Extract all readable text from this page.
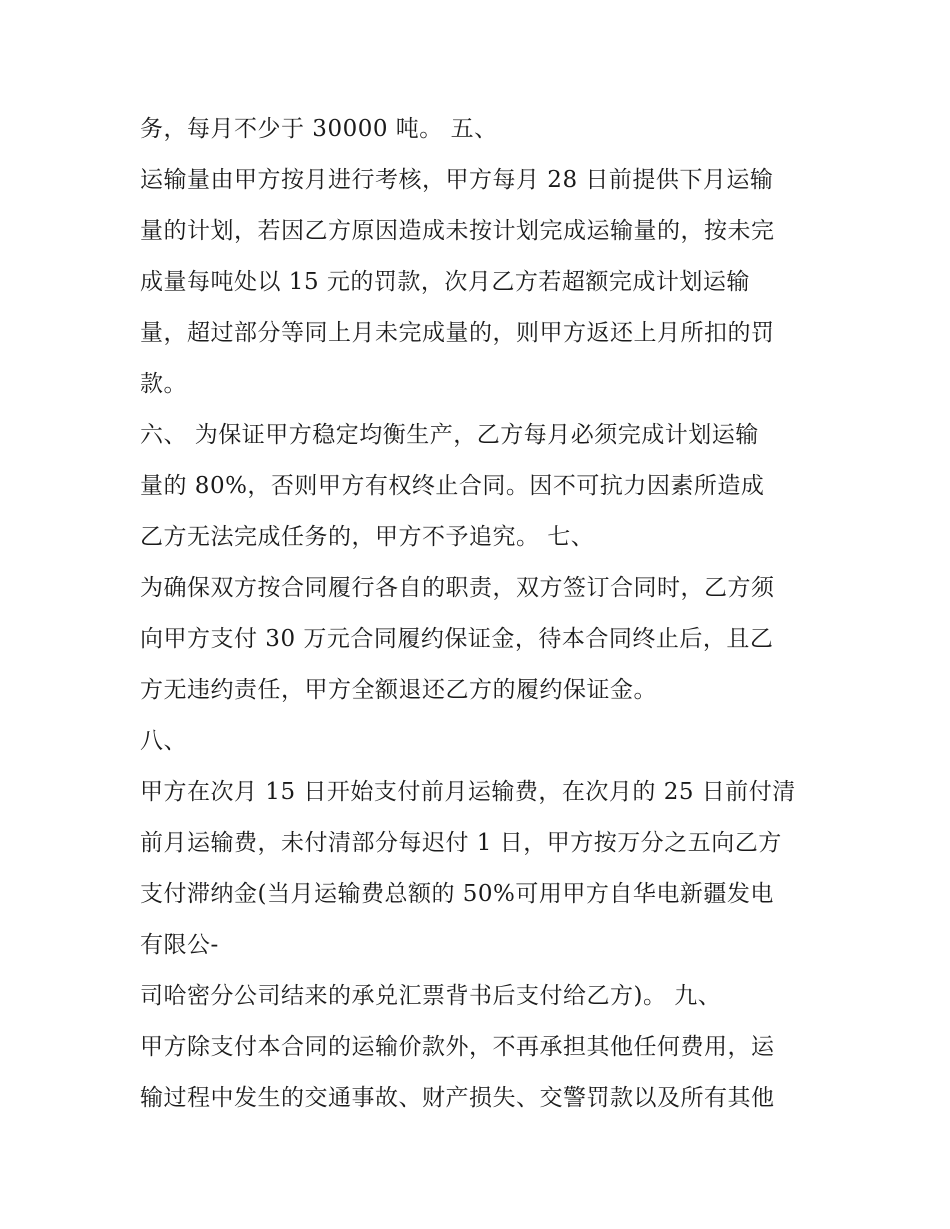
务，每月不少于 30000 吨。 五、
运输量由甲方按月进行考核，甲方每月 28 日前提供下月运输
量的计划，若因乙方原因造成未按计划完成运输量的，按未完
成量每吨处以 15 元的罚款，次月乙方若超额完成计划运输
量，超过部分等同上月未完成量的，则甲方返还上月所扣的罚
款。
六、 为保证甲方稳定均衡生产，乙方每月必须完成计划运输
量的 80%，否则甲方有权终止合同。因不可抗力因素所造成
乙方无法完成任务的，甲方不予追究。 七、
为确保双方按合同履行各自的职责，双方签订合同时，乙方须
向甲方支付 30 万元合同履约保证金，待本合同终止后，且乙
方无违约责任，甲方全额退还乙方的履约保证金。
八、
甲方在次月 15 日开始支付前月运输费，在次月的 25 日前付清
前月运输费，未付清部分每迟付 1 日，甲方按万分之五向乙方
支付滞纳金(当月运输费总额的 50%可用甲方自华电新疆发电
有限公-
司哈密分公司结来的承兑汇票背书后支付给乙方)。 九、
甲方除支付本合同的运输价款外，不再承担其他任何费用，运
输过程中发生的交通事故、财产损失、交警罚款以及所有其他
